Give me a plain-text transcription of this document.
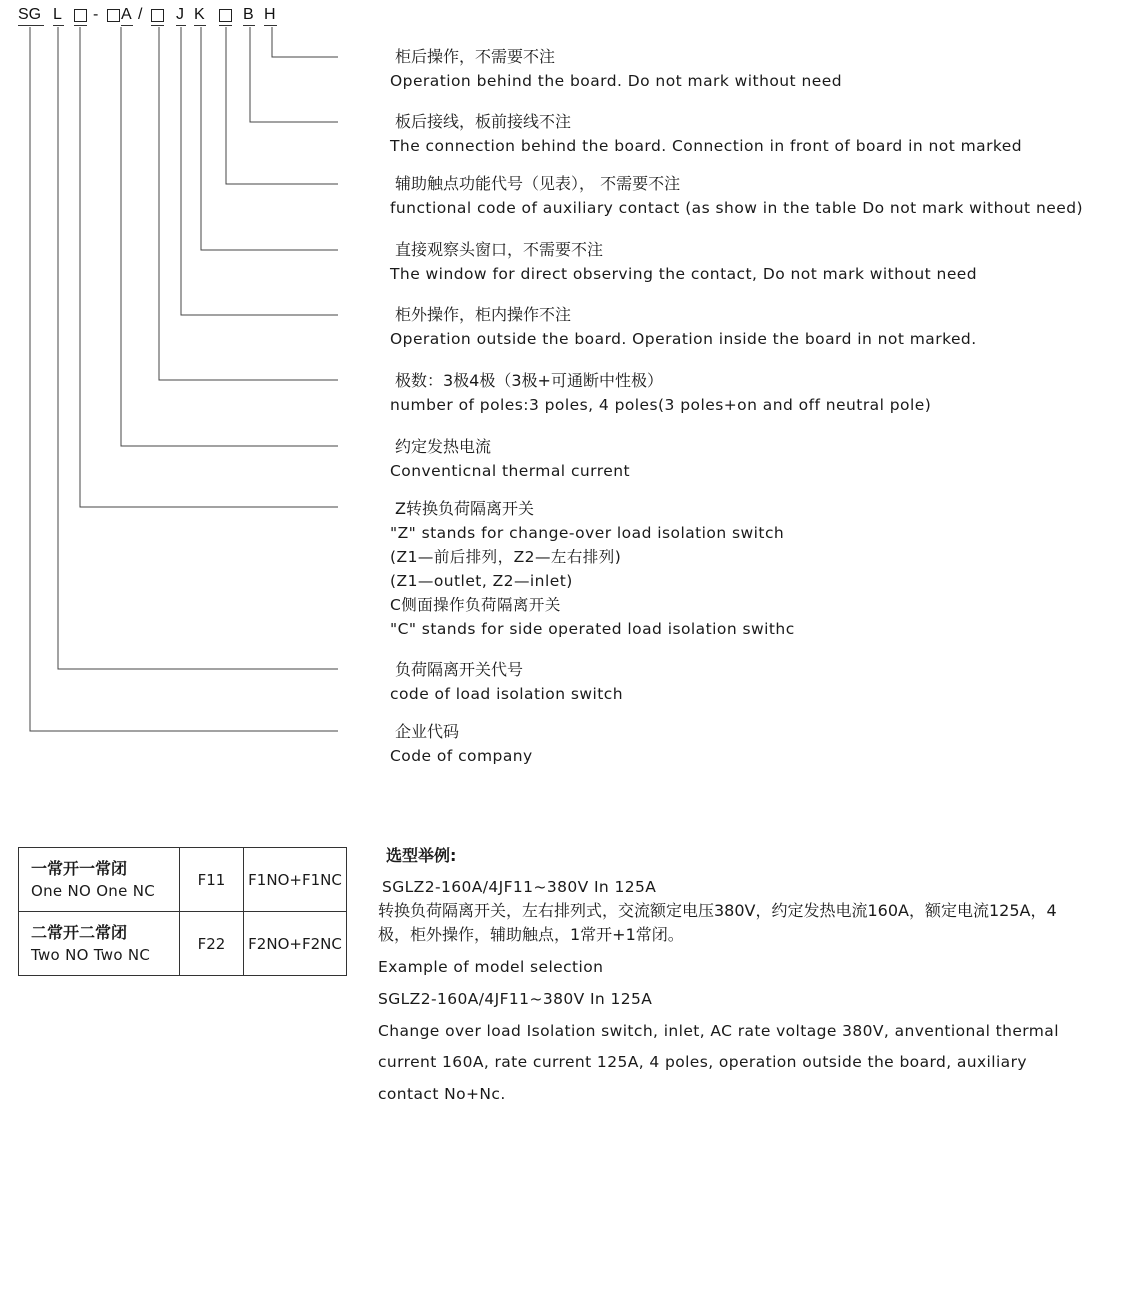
SG L - A / J K B H
柜后操作，不需要不注
Operation behind the board. Do not mark without need
板后接线，板前接线不注
The connection behind the board. Connection in front of board in not marked
辅助触点功能代号（见表）， 不需要不注
functional code of auxiliary contact (as show in the table Do not mark without need)
直接观察头窗口，不需要不注
The window for direct observing the contact, Do not mark without need
柜外操作，柜内操作不注
Operation outside the board. Operation inside the board in not marked.
极数：3极4极（3极+可通断中性极）
number of poles:3 poles, 4 poles(3 poles+on and off neutral pole)
约定发热电流
Conventicnal thermal current
Z转换负荷隔离开关
"Z" stands for change-over load isolation switch
(Z1—前后排列，Z2—左右排列)
(Z1—outlet, Z2—inlet)
C侧面操作负荷隔离开关
"C" stands for side operated load isolation swithc
负荷隔离开关代号
code of load isolation switch
企业代码
Code of company
一常开一常闭
One NO One NC	F11	F1NO+F1NC

二常开二常闭
Two NO Two NC	F22	F2NO+F2NC
选型举例:
SGLZ2-160A/4JF11~380V In 125A
转换负荷隔离开关，左右排列式，交流额定电压380V，约定发热电流160A，额定电流125A，4极，柜外操作，辅助触点，1常开+1常闭。
Example of model selection
SGLZ2-160A/4JF11~380V In 125A
Change over load Isolation switch, inlet, AC rate voltage 380V, anventional thermal
current 160A, rate current 125A, 4 poles, operation outside the board, auxiliary
contact No+Nc.
